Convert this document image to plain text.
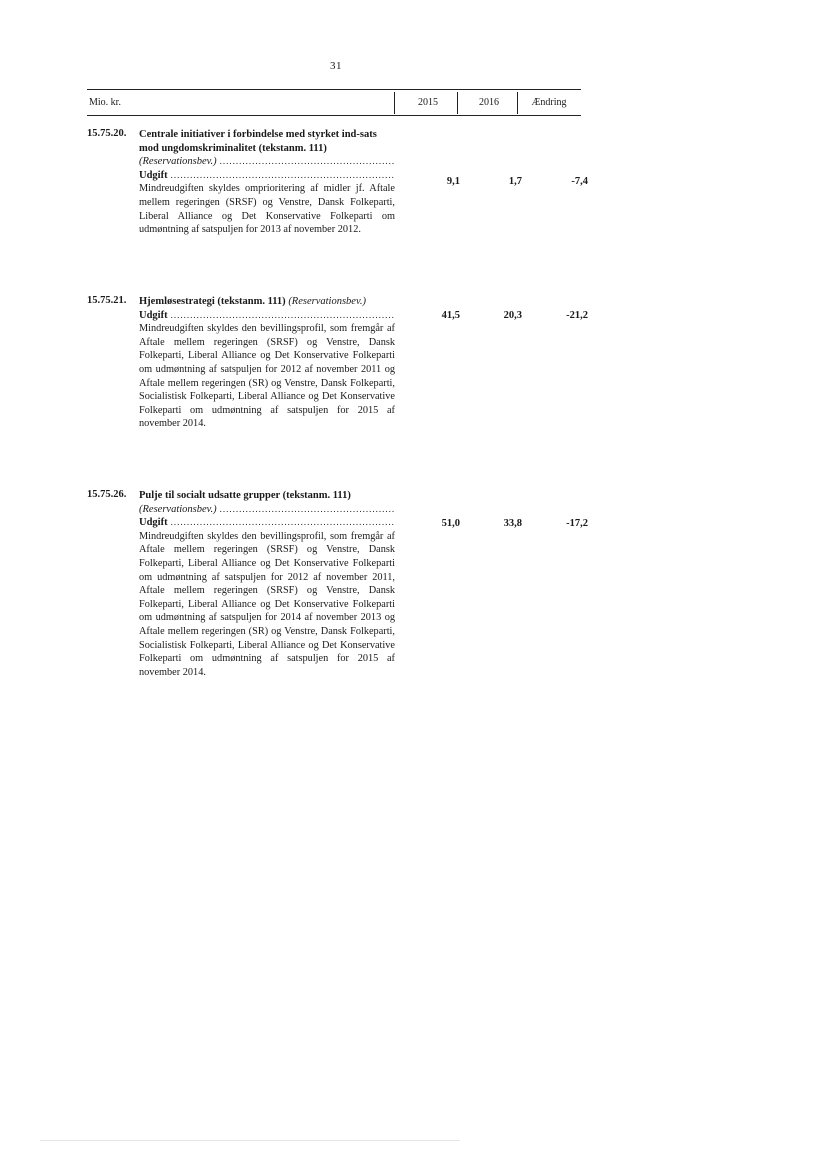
31
Mio. kr.	2015	2016	Ændring
15.75.20. Centrale initiativer i forbindelse med styrket ind-sats mod ungdomskriminalitet (tekstanm. 111)
(Reservationsbev.)
.....
Udgift
.....
Mindreudgiften skyldes omprioritering af midler jf. Aftale mellem regeringen (SRSF) og Venstre, Dansk Folkeparti, Liberal Alliance og Det Konservative Folkeparti om udmøntning af satspuljen for 2013 af november 2012.
9,1	1,7	-7,4
15.75.21. Hjemløsestrategi (tekstanm. 111) (Reservationsbev.)
Udgift
.....
Mindreudgiften skyldes den bevillingsprofil, som fremgår af Aftale mellem regeringen (SRSF) og Venstre, Dansk Folkeparti, Liberal Alliance og Det Konservative Folkeparti om udmøntning af satspuljen for 2012 af november 2011 og Aftale mellem regeringen (SR) og Venstre, Dansk Folkeparti, Socialistisk Folkeparti, Liberal Alliance og Det Konservative Folkeparti om udmøntning af satspuljen for 2015 af november 2014.
41,5	20,3	-21,2
15.75.26. Pulje til socialt udsatte grupper (tekstanm. 111)
(Reservationsbev.)
.....
Udgift
.....
Mindreudgiften skyldes den bevillingsprofil, som fremgår af Aftale mellem regeringen (SRSF) og Venstre, Dansk Folkeparti, Liberal Alliance og Det Konservative Folkeparti om udmøntning af satspuljen for 2012 af november 2011, Aftale mellem regeringen (SRSF) og Venstre, Dansk Folkeparti, Liberal Alliance og Det Konservative Folkeparti om udmøntning af satspuljen for 2014 af november 2013 og Aftale mellem regeringen (SR) og Venstre, Dansk Folkeparti, Socialistisk Folkeparti, Liberal Alliance og Det Konservative Folkeparti om udmøntning af satspuljen for 2015 af november 2014.
51,0	33,8	-17,2
